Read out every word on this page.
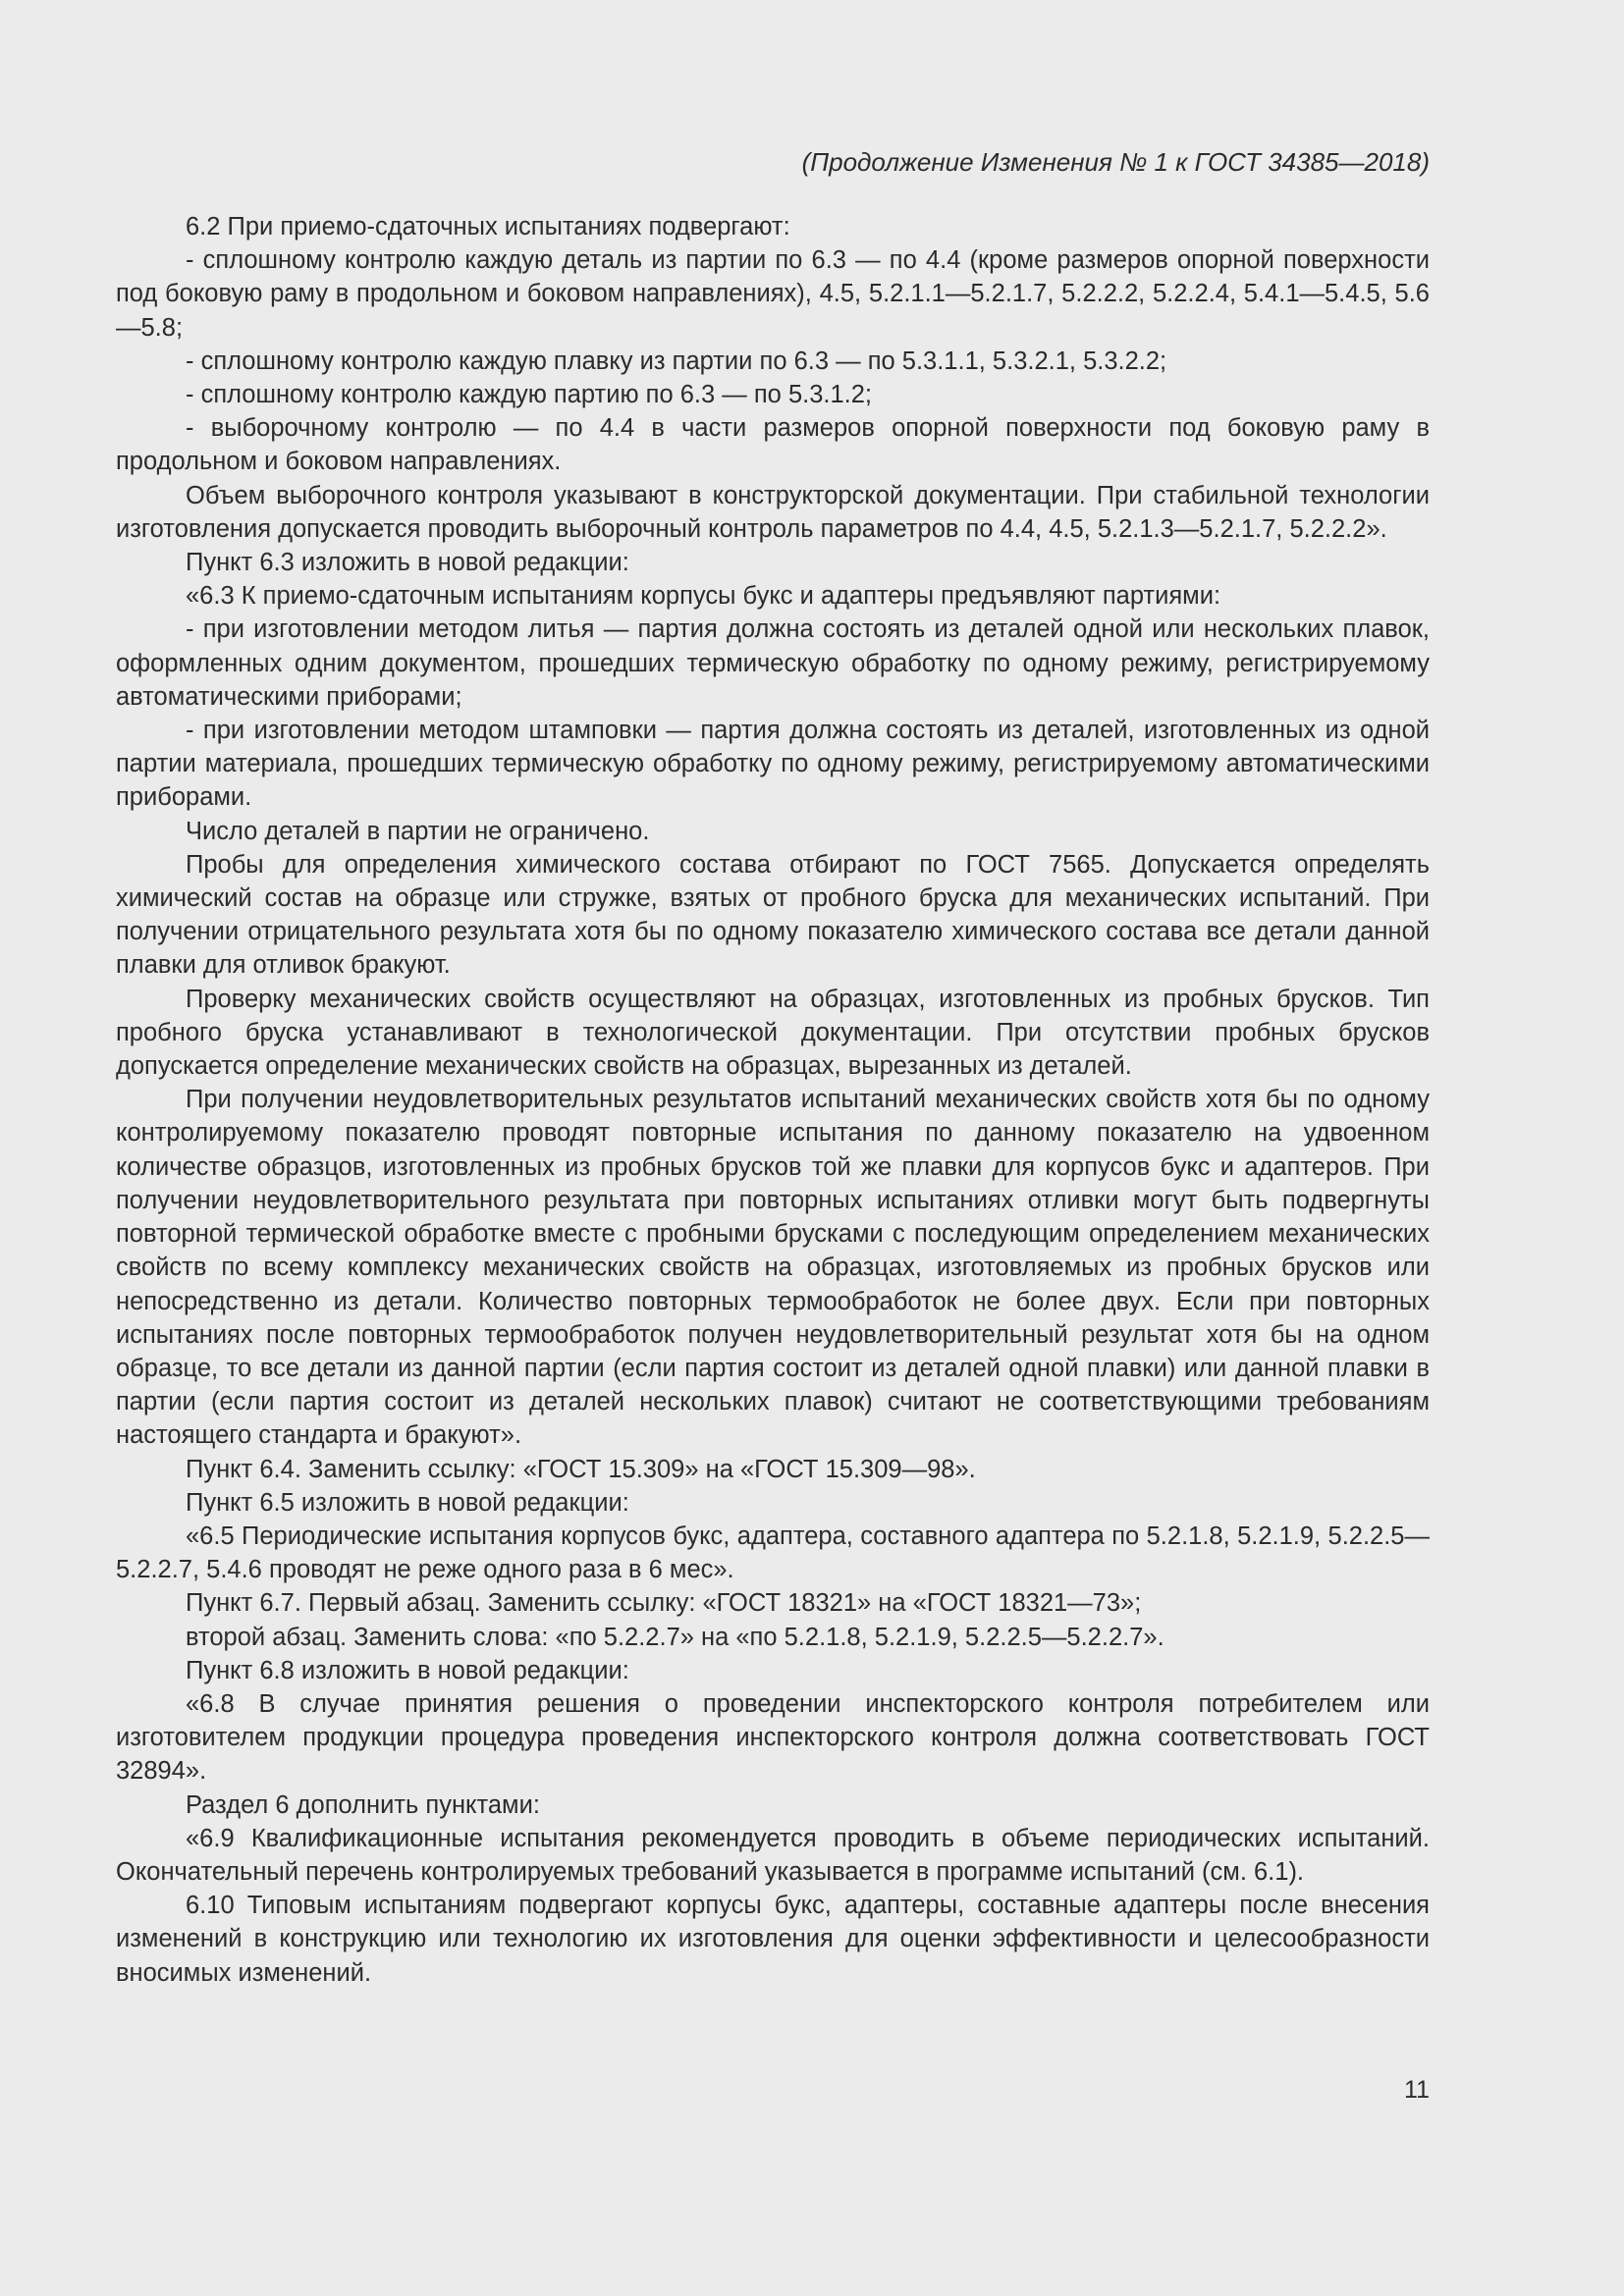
(Продолжение Изменения № 1 к ГОСТ 34385—2018)

6.2 При приемо-сдаточных испытаниях подвергают:

- сплошному контролю каждую деталь из партии по 6.3 — по 4.4 (кроме размеров опорной поверхности под боковую раму в продольном и боковом направлениях), 4.5, 5.2.1.1—5.2.1.7, 5.2.2.2, 5.2.2.4, 5.4.1—5.4.5, 5.6—5.8;

- сплошному контролю каждую плавку из партии по 6.3 — по 5.3.1.1, 5.3.2.1, 5.3.2.2;

- сплошному контролю каждую партию по 6.3 — по 5.3.1.2;

- выборочному контролю — по 4.4 в части размеров опорной поверхности под боковую раму в продольном и боковом направлениях.

Объем выборочного контроля указывают в конструкторской документации. При стабильной технологии изготовления допускается проводить выборочный контроль параметров по 4.4, 4.5, 5.2.1.3—5.2.1.7, 5.2.2.2».

Пункт 6.3 изложить в новой редакции:

«6.3 К приемо-сдаточным испытаниям корпусы букс и адаптеры предъявляют партиями:

- при изготовлении методом литья — партия должна состоять из деталей одной или нескольких плавок, оформленных одним документом, прошедших термическую обработку по одному режиму, регистрируемому автоматическими приборами;

- при изготовлении методом штамповки — партия должна состоять из деталей, изготовленных из одной партии материала, прошедших термическую обработку по одному режиму, регистрируемому автоматическими приборами.

Число деталей в партии не ограничено.

Пробы для определения химического состава отбирают по ГОСТ 7565. Допускается определять химический состав на образце или стружке, взятых от пробного бруска для механических испытаний. При получении отрицательного результата хотя бы по одному показателю химического состава все детали данной плавки для отливок бракуют.

Проверку механических свойств осуществляют на образцах, изготовленных из пробных брусков. Тип пробного бруска устанавливают в технологической документации. При отсутствии пробных брусков допускается определение механических свойств на образцах, вырезанных из деталей.

При получении неудовлетворительных результатов испытаний механических свойств хотя бы по одному контролируемому показателю проводят повторные испытания по данному показателю на удвоенном количестве образцов, изготовленных из пробных брусков той же плавки для корпусов букс и адаптеров. При получении неудовлетворительного результата при повторных испытаниях отливки могут быть подвергнуты повторной термической обработке вместе с пробными брусками с последующим определением механических свойств по всему комплексу механических свойств на образцах, изготовляемых из пробных брусков или непосредственно из детали. Количество повторных термообработок не более двух. Если при повторных испытаниях после повторных термообработок получен неудовлетворительный результат хотя бы на одном образце, то все детали из данной партии (если партия состоит из деталей одной плавки) или данной плавки в партии (если партия состоит из деталей нескольких плавок) считают не соответствующими требованиям настоящего стандарта и бракуют».

Пункт 6.4. Заменить ссылку: «ГОСТ 15.309» на «ГОСТ 15.309—98».

Пункт 6.5 изложить в новой редакции:

«6.5 Периодические испытания корпусов букс, адаптера, составного адаптера по 5.2.1.8, 5.2.1.9, 5.2.2.5—5.2.2.7, 5.4.6 проводят не реже одного раза в 6 мес».

Пункт 6.7. Первый абзац. Заменить ссылку: «ГОСТ 18321» на «ГОСТ 18321—73»;

второй абзац. Заменить слова: «по 5.2.2.7» на «по 5.2.1.8, 5.2.1.9, 5.2.2.5—5.2.2.7».

Пункт 6.8 изложить в новой редакции:

«6.8 В случае принятия решения о проведении инспекторского контроля потребителем или изготовителем продукции процедура проведения инспекторского контроля должна соответствовать ГОСТ 32894».

Раздел 6 дополнить пунктами:

«6.9 Квалификационные испытания рекомендуется проводить в объеме периодических испытаний. Окончательный перечень контролируемых требований указывается в программе испытаний (см. 6.1).

6.10 Типовым испытаниям подвергают корпусы букс, адаптеры, составные адаптеры после внесения изменений в конструкцию или технологию их изготовления для оценки эффективности и целесообразности вносимых изменений.

11
